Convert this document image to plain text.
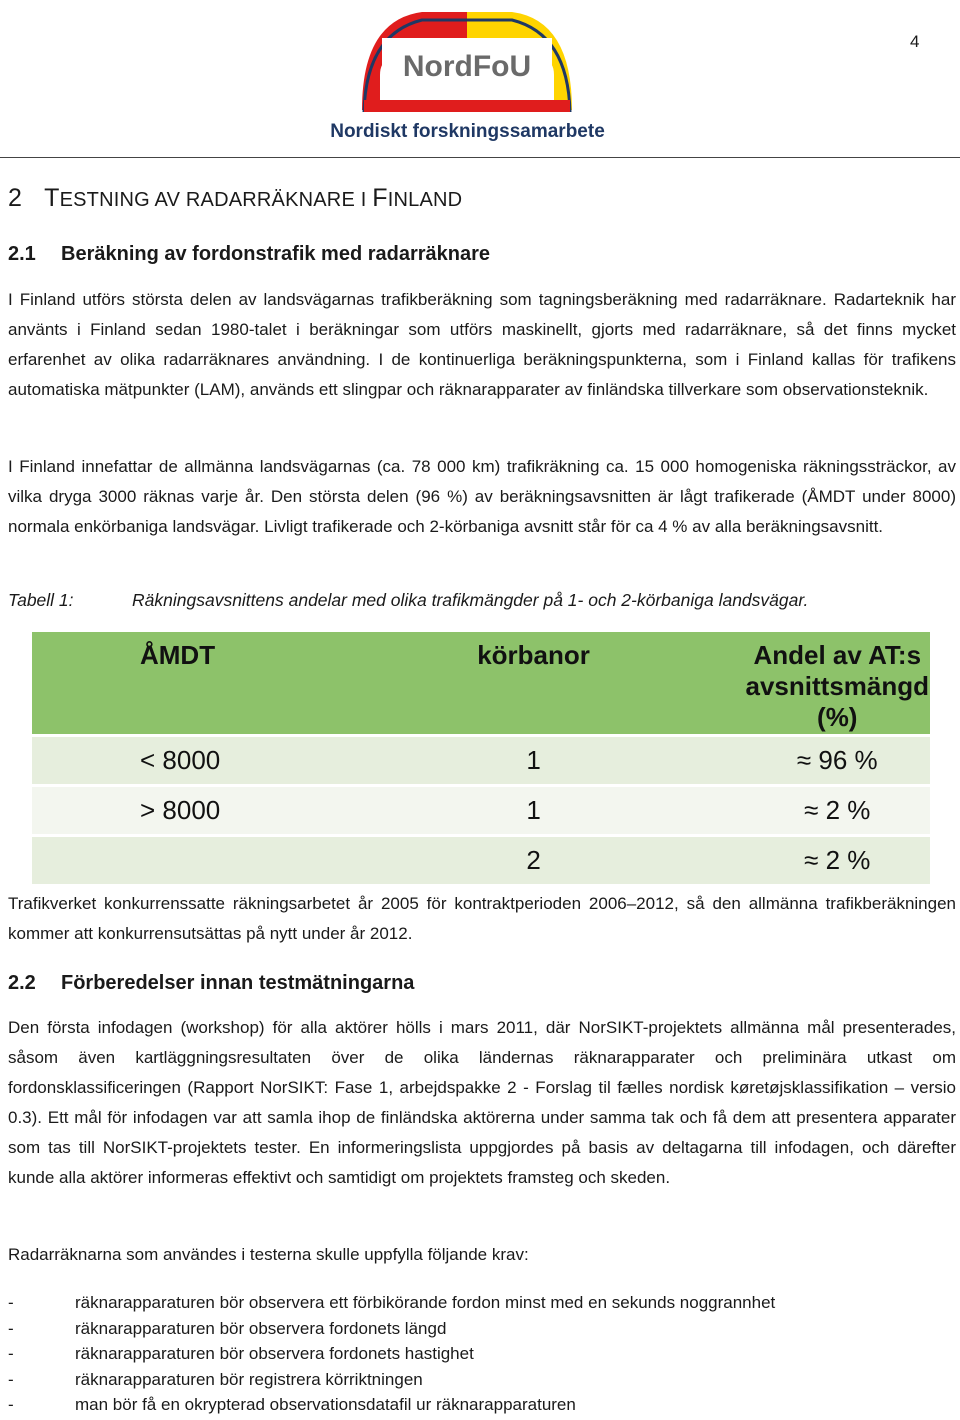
4
NordFoU
Nordiskt forskningssamarbete
2 TESTNING AV RADARRÄKNARE I FINLAND
2.1 Beräkning av fordonstrafik med radarräknare

I Finland utförs största delen av landsvägarnas trafikberäkning som tagningsberäkning med radarräknare. Radarteknik har använts i Finland sedan 1980-talet i beräkningar som utförs maskinellt, gjorts med radarräknare, så det finns mycket erfarenhet av olika radarräknares användning. I de kontinuerliga beräkningspunkterna, som i Finland kallas för trafikens automatiska mätpunkter (LAM), används ett slingpar och räknarapparater av finländska tillverkare som observationsteknik.

I Finland innefattar de allmänna landsvägarnas (ca. 78 000 km) trafikräkning ca. 15 000 homogeniska räkningssträckor, av vilka dryga 3000 räknas varje år. Den största delen (96 %) av beräkningsavsnitten är lågt trafikerade (ÅMDT under 8000) normala enkörbaniga landsvägar. Livligt trafikerade och 2-körbaniga avsnitt står för ca 4 % av alla beräkningsavsnitt.

Tabell 1:	Räkningsavsnittens andelar med olika trafikmängder på 1- och 2-körbaniga landsvägar.
ÅMDT	körbanor	Andel av AT:s avsnittsmängd (%)
< 8000	1	≈ 96 %
> 8000	1	≈ 2 %
	2	≈ 2 %

Trafikverket konkurrenssatte räkningsarbetet år 2005 för kontraktperioden 2006–2012, så den allmänna trafikberäkningen kommer att konkurrensutsättas på nytt under år 2012.

2.2 Förberedelser innan testmätningarna

Den första infodagen (workshop) för alla aktörer hölls i mars 2011, där NorSIKT-projektets allmänna mål presenterades, såsom även kartläggningsresultaten över de olika ländernas räknarapparater och preliminära utkast om fordonsklassificeringen (Rapport NorSIKT: Fase 1, arbejdspakke 2 - Forslag til fælles nordisk køretøjsklassifikation – versio 0.3). Ett mål för infodagen var att samla ihop de finländska aktörerna under samma tak och få dem att presentera apparater som tas till NorSIKT-projektets tester. En informeringslista uppgjordes på basis av deltagarna till infodagen, och därefter kunde alla aktörer informeras effektivt och samtidigt om projektets framsteg och skeden.

Radarräknarna som användes i testerna skulle uppfylla följande krav:

-	räknarapparaturen bör observera ett förbikörande fordon minst med en sekunds noggrannhet
-	räknarapparaturen bör observera fordonets längd
-	räknarapparaturen bör observera fordonets hastighet
-	räknarapparaturen bör registrera körriktningen
-	man bör få en okrypterad observationsdatafil ur räknarapparaturen
